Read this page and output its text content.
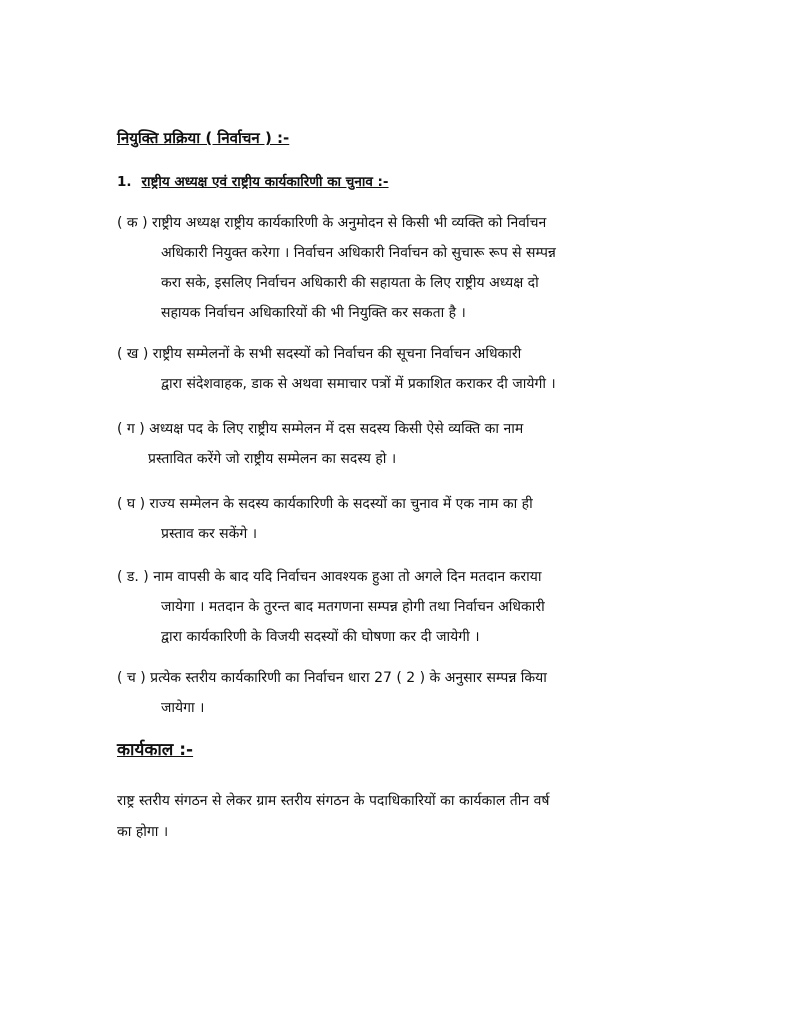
नियुक्ति प्रक्रिया ( निर्वाचन ) :-
1. राष्ट्रीय अध्यक्ष एवं राष्ट्रीय कार्यकारिणी का चुनाव :-
( क ) राष्ट्रीय अध्यक्ष राष्ट्रीय कार्यकारिणी के अनुमोदन से किसी भी व्यक्ति को निर्वाचन
अधिकारी नियुक्त करेगा । निर्वाचन अधिकारी निर्वाचन को सुचारू रूप से सम्पन्न
करा सके, इसलिए निर्वाचन अधिकारी की सहायता के लिए राष्ट्रीय अध्यक्ष दो
सहायक निर्वाचन अधिकारियों की भी नियुक्ति कर सकता है ।
( ख ) राष्ट्रीय सम्मेलनों के सभी सदस्यों को निर्वाचन की सूचना निर्वाचन अधिकारी
द्वारा संदेशवाहक, डाक से अथवा समाचार पत्रों में प्रकाशित कराकर दी जायेगी ।
( ग ) अध्यक्ष पद के लिए राष्ट्रीय सम्मेलन में दस सदस्य किसी ऐसे व्यक्ति का नाम
प्रस्तावित करेंगे जो राष्ट्रीय सम्मेलन का सदस्य हो ।
( घ ) राज्य सम्मेलन के सदस्य कार्यकारिणी के सदस्यों का चुनाव में एक नाम का ही
प्रस्ताव कर सकेंगे ।
( ड. ) नाम वापसी के बाद यदि निर्वाचन आवश्यक हुआ तो अगले दिन मतदान कराया
जायेगा । मतदान के तुरन्त बाद मतगणना सम्पन्न होगी तथा निर्वाचन अधिकारी
द्वारा कार्यकारिणी के विजयी सदस्यों की घोषणा कर दी जायेगी ।
( च ) प्रत्येक स्तरीय कार्यकारिणी का निर्वाचन धारा 27 ( 2 ) के अनुसार सम्पन्न किया
जायेगा ।
कार्यकाल :-
राष्ट्र स्तरीय संगठन से लेकर ग्राम स्तरीय संगठन के पदाधिकारियों का कार्यकाल तीन वर्ष
का होगा ।
